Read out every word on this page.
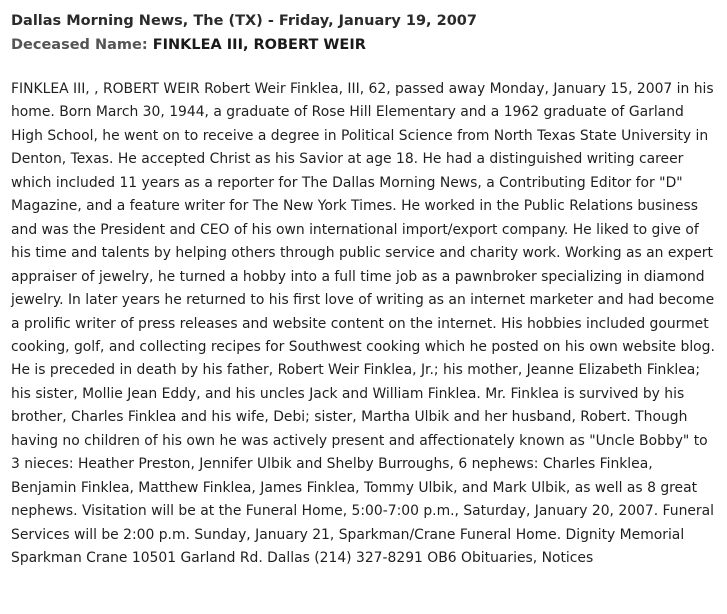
Dallas Morning News, The (TX) - Friday, January 19, 2007
Deceased Name: FINKLEA III, ROBERT WEIR
FINKLEA III, , ROBERT WEIR Robert Weir Finklea, III, 62, passed away Monday, January 15, 2007 in his home. Born March 30, 1944, a graduate of Rose Hill Elementary and a 1962 graduate of Garland High School, he went on to receive a degree in Political Science from North Texas State University in Denton, Texas. He accepted Christ as his Savior at age 18. He had a distinguished writing career which included 11 years as a reporter for The Dallas Morning News, a Contributing Editor for "D" Magazine, and a feature writer for The New York Times. He worked in the Public Relations business and was the President and CEO of his own international import/export company. He liked to give of his time and talents by helping others through public service and charity work. Working as an expert appraiser of jewelry, he turned a hobby into a full time job as a pawnbroker specializing in diamond jewelry. In later years he returned to his first love of writing as an internet marketer and had become a prolific writer of press releases and website content on the internet. His hobbies included gourmet cooking, golf, and collecting recipes for Southwest cooking which he posted on his own website blog. He is preceded in death by his father, Robert Weir Finklea, Jr.; his mother, Jeanne Elizabeth Finklea; his sister, Mollie Jean Eddy, and his uncles Jack and William Finklea. Mr. Finklea is survived by his brother, Charles Finklea and his wife, Debi; sister, Martha Ulbik and her husband, Robert. Though having no children of his own he was actively present and affectionately known as "Uncle Bobby" to 3 nieces: Heather Preston, Jennifer Ulbik and Shelby Burroughs, 6 nephews: Charles Finklea, Benjamin Finklea, Matthew Finklea, James Finklea, Tommy Ulbik, and Mark Ulbik, as well as 8 great nephews. Visitation will be at the Funeral Home, 5:00-7:00 p.m., Saturday, January 20, 2007. Funeral Services will be 2:00 p.m. Sunday, January 21, Sparkman/Crane Funeral Home. Dignity Memorial Sparkman Crane 10501 Garland Rd. Dallas (214) 327-8291 OB6 Obituaries, Notices
